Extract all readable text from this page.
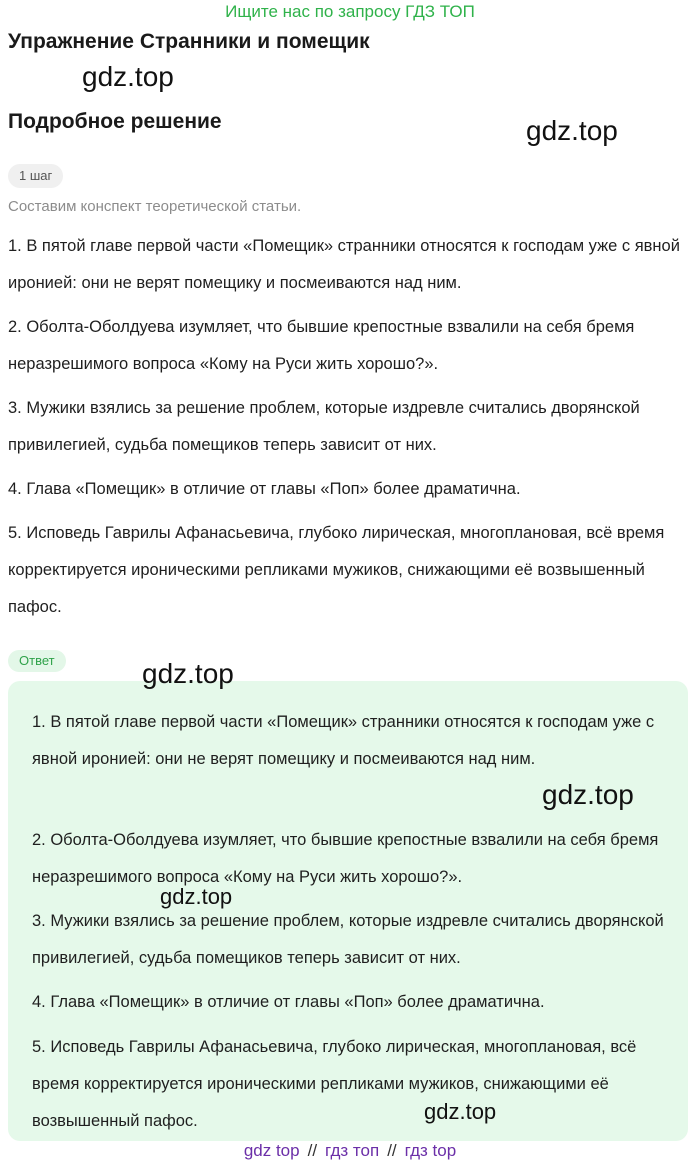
Ищите нас по запросу ГДЗ ТОП
Упражнение Странники и помещик
gdz.top
Подробное решение	gdz.top
1 шаг
Составим конспект теоретической статьи.
1. В пятой главе первой части «Помещик» странники относятся к господам уже с явной иронией: они не верят помещику и посмеиваются над ним.
2. Оболта-Оболдуева изумляет, что бывшие крепостные взвалили на себя бремя неразрешимого вопроса «Кому на Руси жить хорошо?».
3. Мужики взялись за решение проблем, которые издревле считались дворянской привилегией, судьба помещиков теперь зависит от них.
4. Глава «Помещик» в отличие от главы «Поп» более драматична.
5. Исповедь Гаврилы Афанасьевича, глубоко лирическая, многоплановая, всё время корректируется ироническими репликами мужиков, снижающими её возвышенный пафос.
Ответ	gdz.top
1. В пятой главе первой части «Помещик» странники относятся к господам уже с явной иронией: они не верят помещику и посмеиваются над ним.
gdz.top
2. Оболта-Оболдуева изумляет, что бывшие крепостные взвалили на себя бремя неразрешимого вопроса «Кому на Руси жить хорошо?».
gdz.top
3. Мужики взялись за решение проблем, которые издревле считались дворянской привилегией, судьба помещиков теперь зависит от них.
4. Глава «Помещик» в отличие от главы «Поп» более драматична.
5. Исповедь Гаврилы Афанасьевича, глубоко лирическая, многоплановая, всё время корректируется ироническими репликами мужиков, снижающими её возвышенный пафос.	gdz.top
gdz top // гдз топ // гдз top
